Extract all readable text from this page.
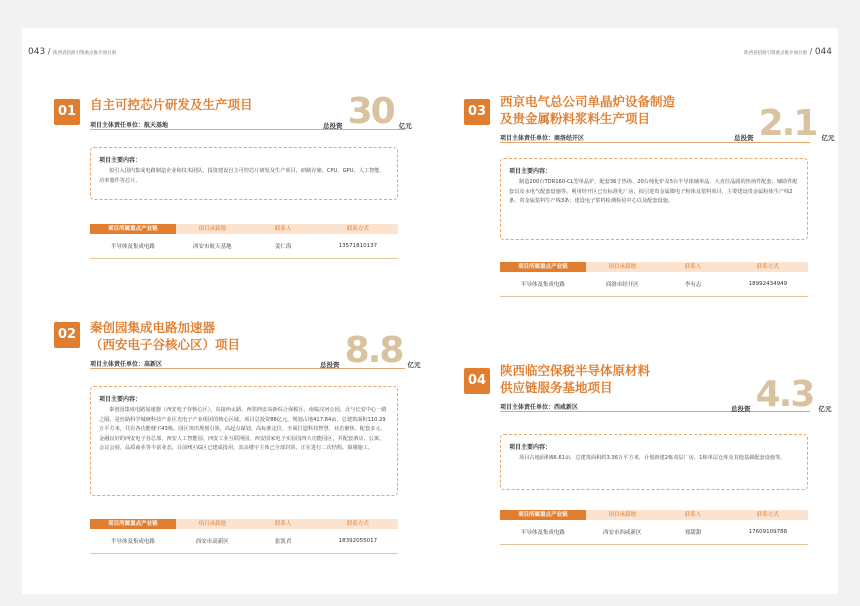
043 / 陕西省招商引资重点推介项目册
01	自主可控芯片研发及生产项目
项目主体责任单位：航天基地	总投资 30 亿元
项目主要内容：
拟引入国内集成电路制造企业和技术团队，投资建设自主可控芯片研发及生产项目，研制存储、CPU、GPU、人工智能、功率器件等芯片。
项目所属重点产业链	项目承载地	联系人	联系方式
半导体及集成电路	西安市航天基地	姜仁海	13571810137
02	秦创园集成电路加速器
（西安电子谷核心区）项目
项目主体责任单位：高新区	总投资 8.8 亿元
项目主要内容：
秦创园集成电路加速器（西安电子谷核心区），东接西太路，西邻西安高新综合保税区，南临汉河公园，北与长安中心一路之隔，是丝路科学城硬科技产业区光电子产业组团的核心区域，项目总投资88亿元，规划占地417.84亩，总建筑面积110.29万平方米，共有各功能楼宇43栋。园区突出规划引领，高起点谋划，高标准定位，全面打造科技智慧、业态聚焦、配套多元、金融良好的西安电子谷总部、西安人工智能园、西安工业互联网园、西安国家电子实验园四大功能园区，并配套酒店、公寓、会议会展、品质商业等丰富业态，目前H区\G区已建成投用，其余楼宇主体已全部封顶，正在进行二次结构、幕墙施工。
项目所属重点产业链	项目承载地	联系人	联系方式
半导体及集成电路	西安市高新区	张凯君	18392055017
陕西省招商引资重点推介项目册 / 044
03
西京电气总公司单晶炉设备制造
及贵金属粉料浆料生产项目
项目主体责任单位：商洛经开区	总投资 2.1 亿元
项目主要内容：
制造200台TDR160-CL型单晶炉，配套36寸热场、20台纯化炉及5台半导体辅单晶、大直径晶圆的热场件配套、辅助件配套以及水电气配套设施等。利用经开区已有标准化厂房，拟引进贵金属微电子粉体及浆料项目，主要建设贵金属粉体生产线2条、贵金属浆料生产线3条；建设电子浆料检测检验中心以及配套设施。
项目所属重点产业链	项目承载地	联系人	联系方式
半导体及集成电路	商洛市经开区	李有志	18992434949
04
陕西临空保税半导体原材料
供应链服务基地项目
项目主体责任单位：西咸新区	总投资 4.3 亿元
项目主要内容：
项目占地面积66.61亩，总建筑面积约3.36万平方米，计划新建2栋双层厂房、1栋单层仓库及其他基础配套设施等。
项目所属重点产业链	项目承载地	联系人	联系方式
半导体及集成电路	西安市西咸新区	郑甜甜	17609109788
